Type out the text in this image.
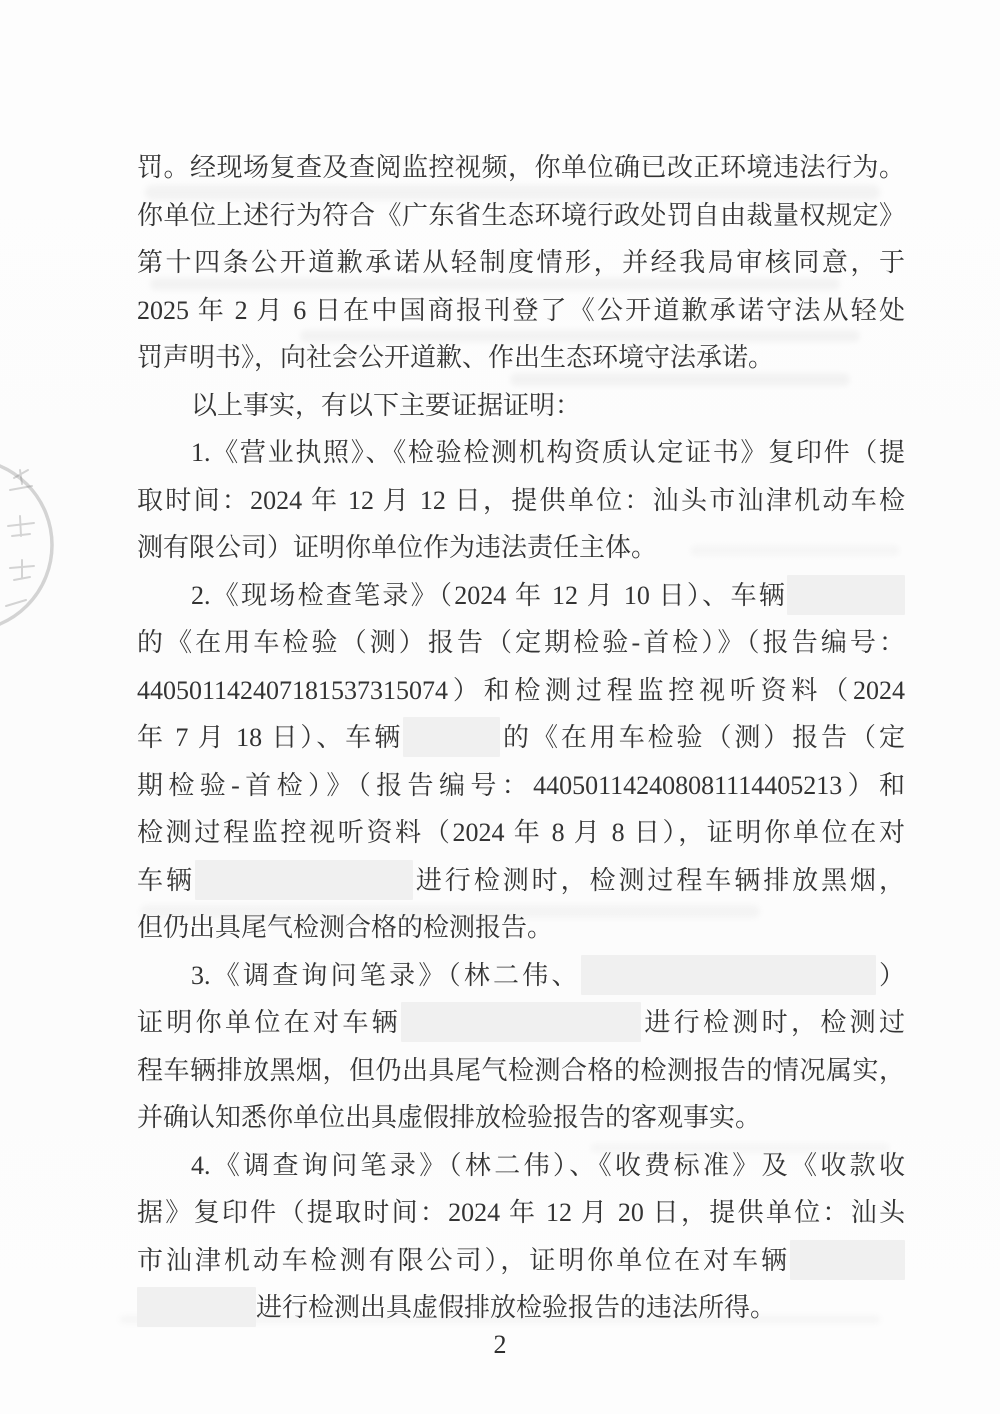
罚。经现场复查及查阅监控视频，你单位确已改正环境违法行为。
你单位上述行为符合《广东省生态环境行政处罚自由裁量权规定》
第十四条公开道歉承诺从轻制度情形，并经我局审核同意，于
2025 年 2 月 6 日在中国商报刊登了《公开道歉承诺守法从轻处
罚声明书》，向社会公开道歉、作出生态环境守法承诺。
以上事实，有以下主要证据证明：
1.《营业执照》、《检验检测机构资质认定证书》复印件（提
取时间：2024 年 12 月 12 日，提供单位：汕头市汕津机动车检
测有限公司）证明你单位作为违法责任主体。
2.《现场检查笔录》（2024 年 12 月 10 日）、车辆
的《在用车检验（测）报告（定期检验-首检）》（报告编号：
440501142407181537315074）和检测过程监控视听资料（2024
年 7 月 18 日）、车辆	的《在用车检验（测）报告（定
期检验-首检）》（报告编号：440501142408081114405213）和
检测过程监控视听资料（2024 年 8 月 8 日），证明你单位在对
车辆	进行检测时，检测过程车辆排放黑烟，
但仍出具尾气检测合格的检测报告。
3.《调查询问笔录》（林二伟、	）
证明你单位在对车辆	进行检测时，检测过
程车辆排放黑烟，但仍出具尾气检测合格的检测报告的情况属实，
并确认知悉你单位出具虚假排放检验报告的客观事实。
4.《调查询问笔录》（林二伟）、《收费标准》及《收款收
据》复印件（提取时间：2024 年 12 月 20 日，提供单位：汕头
市汕津机动车检测有限公司），证明你单位在对车辆
进行检测出具虚假排放检验报告的违法所得。
2
